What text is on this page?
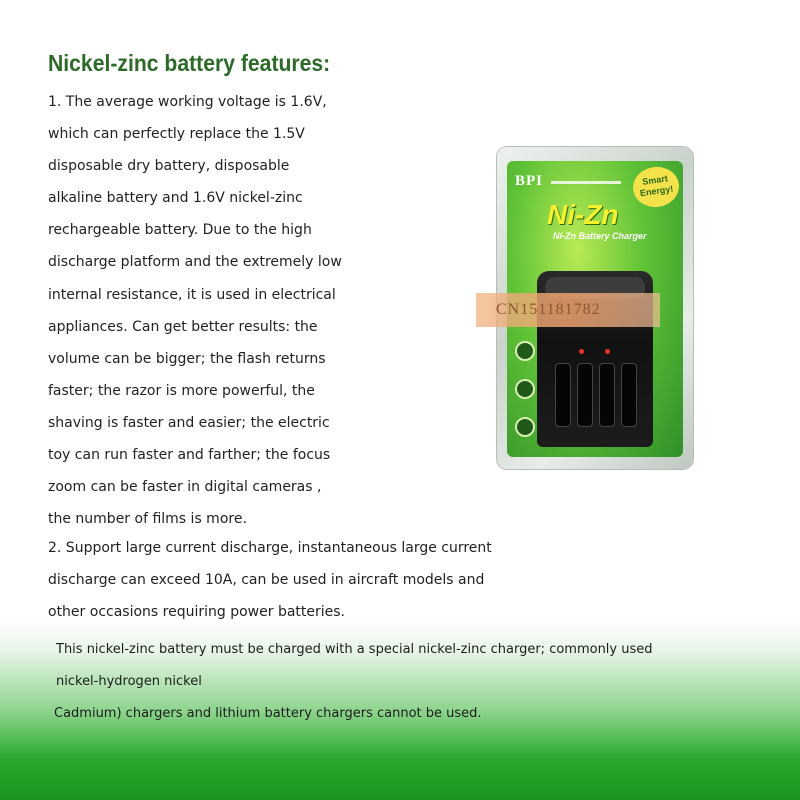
Nickel-zinc battery features:
1. The average working voltage is 1.6V,
which can perfectly replace the 1.5V
disposable dry battery, disposable
alkaline battery and 1.6V nickel-zinc
rechargeable battery. Due to the high
discharge platform and the extremely low
internal resistance, it is used in electrical
appliances. Can get better results: the
volume can be bigger; the flash returns
faster; the razor is more powerful, the
shaving is faster and easier; the electric
toy can run faster and farther; the focus
zoom can be faster in digital cameras ,
the number of films is more.
2. Support large current discharge, instantaneous large current
discharge can exceed 10A, can be used in aircraft models and
other occasions requiring power batteries.
BPI	Smart
Energy!
Ni-Zn
Ni-Zn Battery Charger
CN151181782
This nickel-zinc battery must be charged with a special nickel-zinc charger; commonly used
nickel-hydrogen nickel
Cadmium) chargers and lithium battery chargers cannot be used.
